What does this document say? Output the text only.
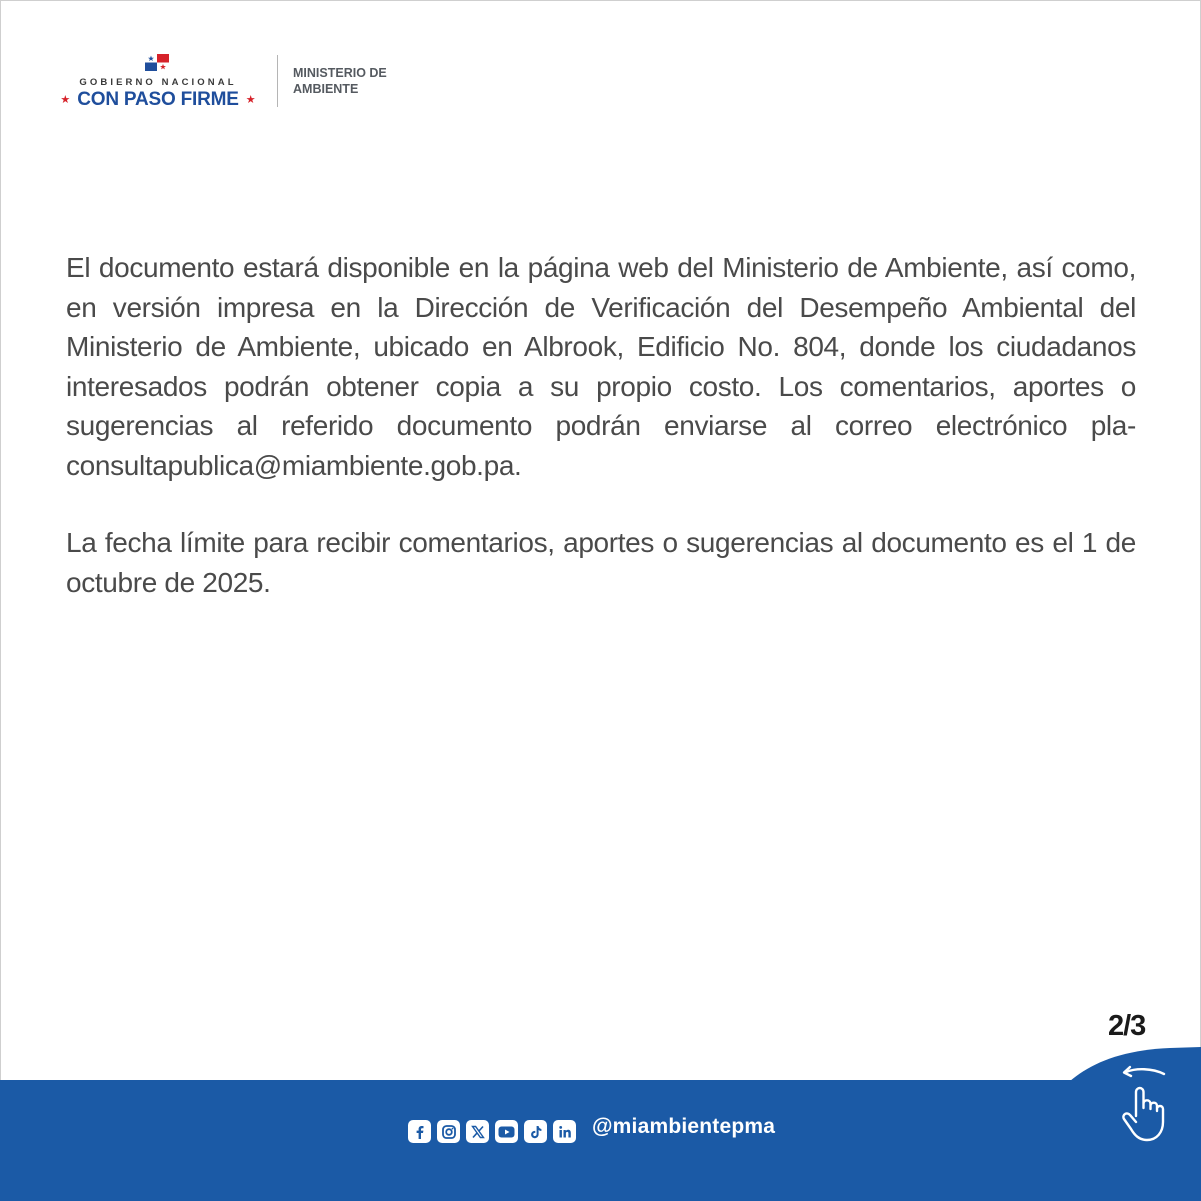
GOBIERNO NACIONAL
★ CON PASO FIRME ★
MINISTERIO DE
AMBIENTE

El documento estará disponible en la página web del Ministerio de Ambiente, así como, en versión impresa en la Dirección de Verificación del Desempeño Ambiental del Ministerio de Ambiente, ubicado en Albrook, Edificio No. 804, donde los ciudadanos interesados podrán obtener copia a su propio costo. Los comentarios, aportes o sugerencias al referido documento podrán enviarse al correo electrónico pla-consultapublica@miambiente.gob.pa.

La fecha límite para recibir comentarios, aportes o sugerencias al documento es el 1 de octubre de 2025.

2/3
@miambientepma
